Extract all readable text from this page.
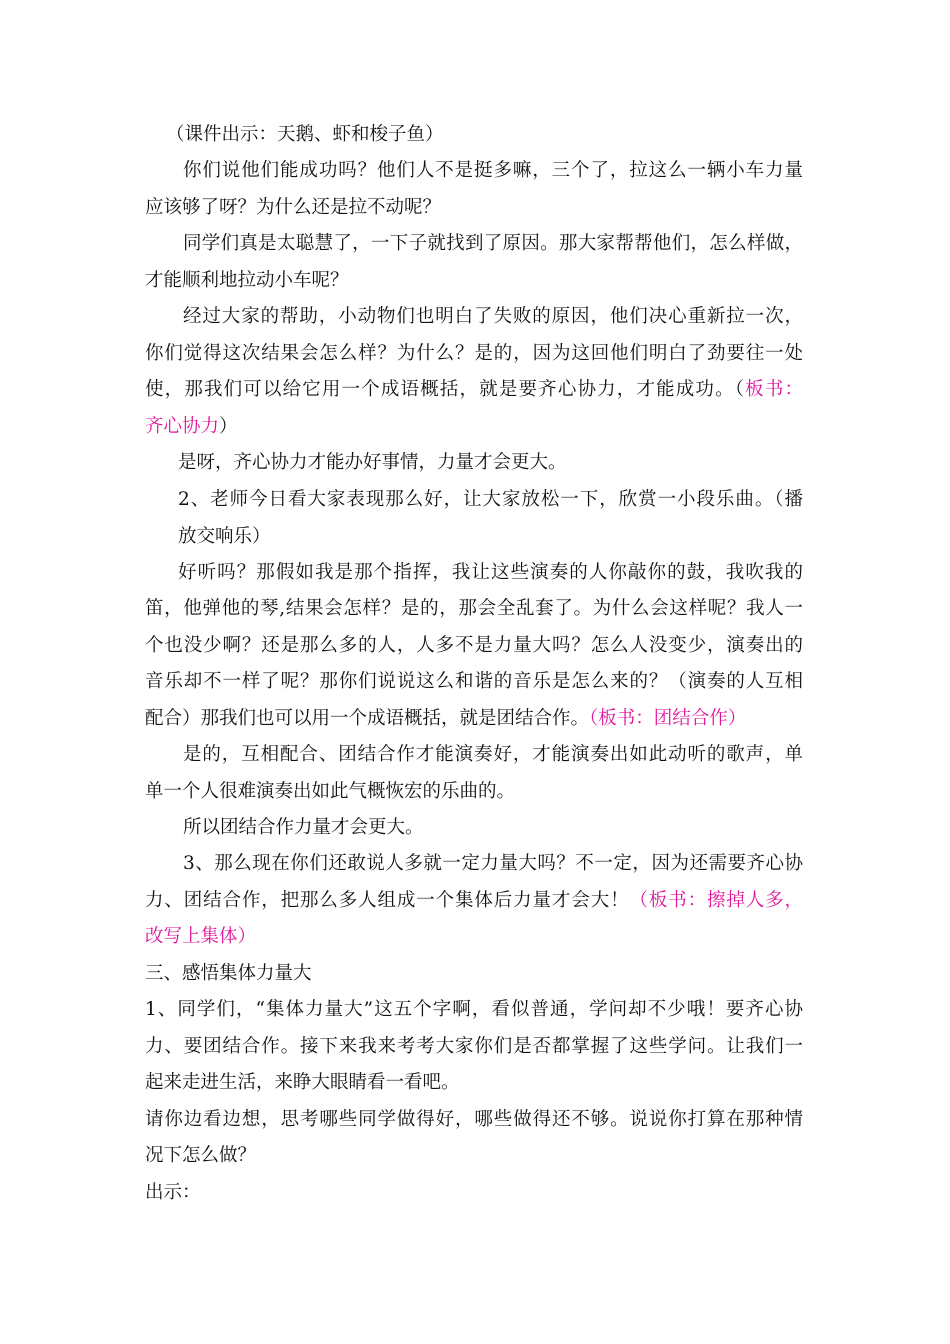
（课件出示：天鹅、虾和梭子鱼）
你们说他们能成功吗？他们人不是挺多嘛，三个了，拉这么一辆小车力量
应该够了呀？为什么还是拉不动呢？
同学们真是太聪慧了，一下子就找到了原因。那大家帮帮他们，怎么样做，
才能顺利地拉动小车呢？
经过大家的帮助，小动物们也明白了失败的原因，他们决心重新拉一次，
你们觉得这次结果会怎么样？为什么？是的，因为这回他们明白了劲要往一处
使，那我们可以给它用一个成语概括，就是要齐心协力，才能成功。（板书：
齐心协力）
是呀，齐心协力才能办好事情，力量才会更大。
2、老师今日看大家表现那么好，让大家放松一下，欣赏一小段乐曲。（播
放交响乐）
好听吗？那假如我是那个指挥，我让这些演奏的人你敲你的鼓，我吹我的
笛，他弹他的琴,结果会怎样？是的，那会全乱套了。为什么会这样呢？我人一
个也没少啊？还是那么多的人，人多不是力量大吗？怎么人没变少，演奏出的
音乐却不一样了呢？那你们说说这么和谐的音乐是怎么来的？（演奏的人互相
配合）那我们也可以用一个成语概括，就是团结合作。（板书：团结合作）
是的，互相配合、团结合作才能演奏好，才能演奏出如此动听的歌声，单
单一个人很难演奏出如此气概恢宏的乐曲的。
所以团结合作力量才会更大。
3、那么现在你们还敢说人多就一定力量大吗？不一定，因为还需要齐心协
力、团结合作，把那么多人组成一个集体后力量才会大！（板书：擦掉人多，
改写上集体）
三、感悟集体力量大
1、同学们，“集体力量大”这五个字啊，看似普通，学问却不少哦！要齐心协
力、要团结合作。接下来我来考考大家你们是否都掌握了这些学问。让我们一
起来走进生活，来睁大眼睛看一看吧。
请你边看边想，思考哪些同学做得好，哪些做得还不够。说说你打算在那种情
况下怎么做？
出示：
